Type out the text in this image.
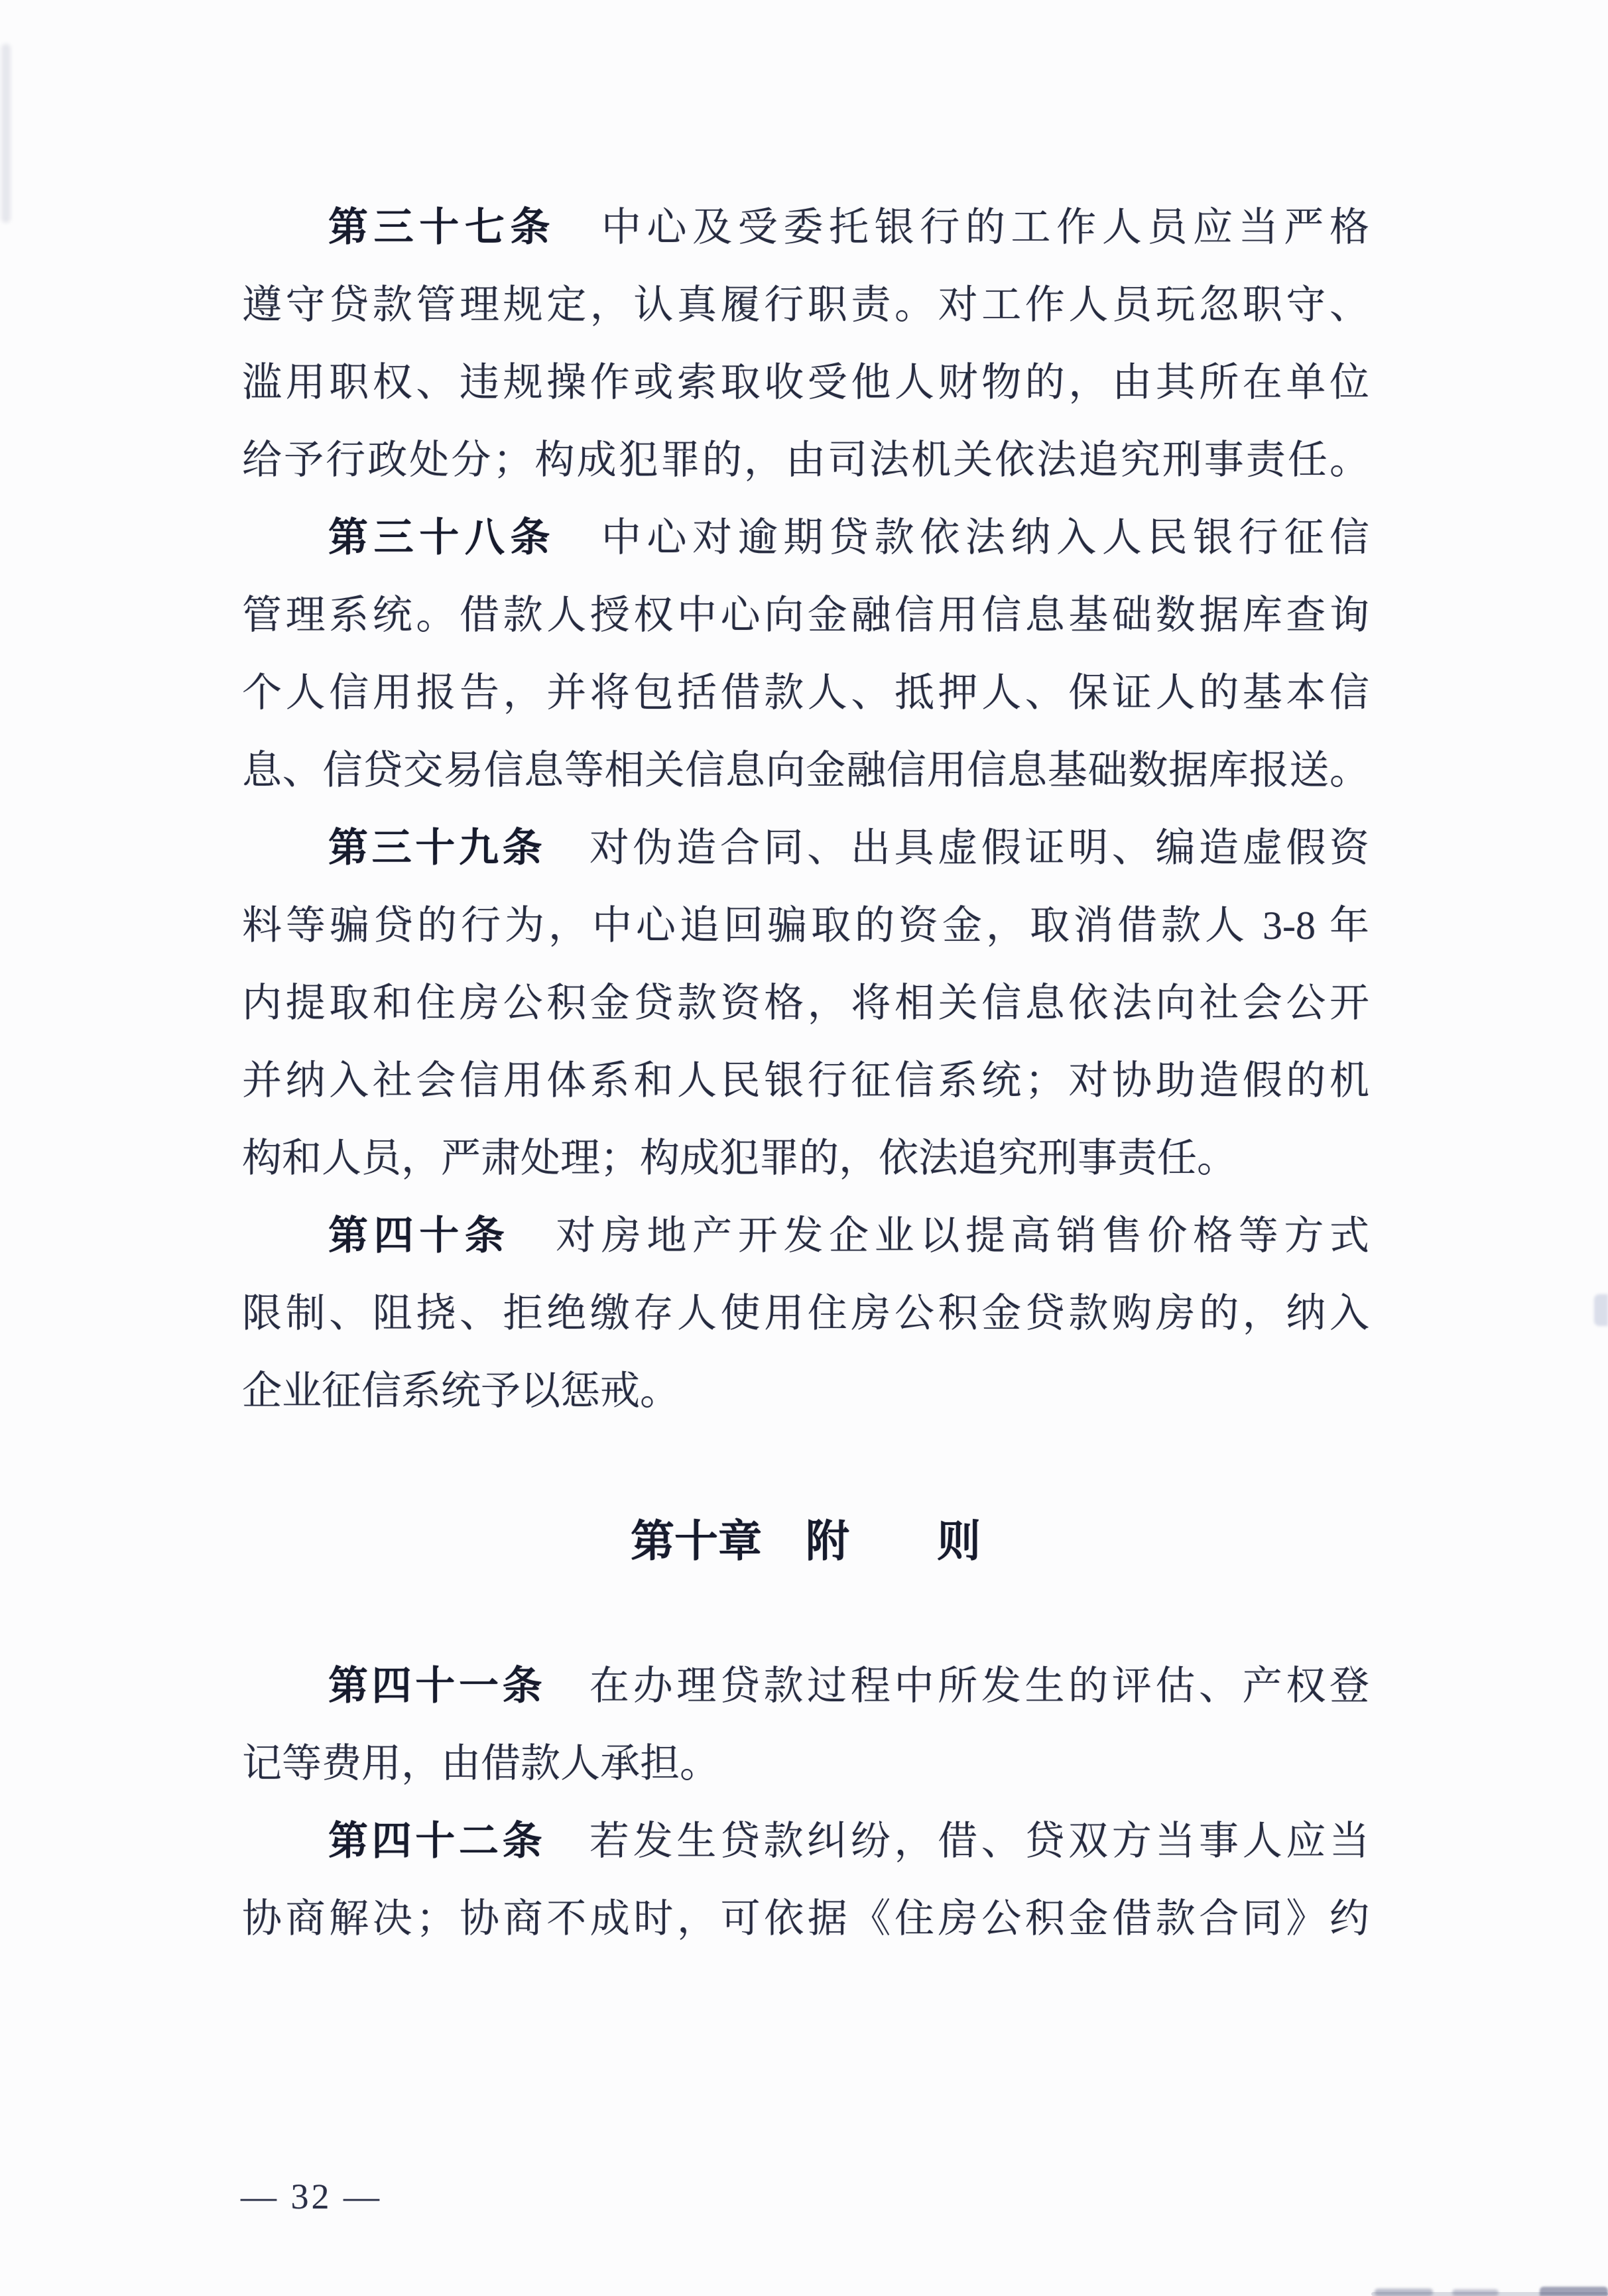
第三十七条　中心及受委托银行的工作人员应当严格
遵守贷款管理规定，认真履行职责。对工作人员玩忽职守、
滥用职权、违规操作或索取收受他人财物的，由其所在单位
给予行政处分；构成犯罪的，由司法机关依法追究刑事责任。
第三十八条　中心对逾期贷款依法纳入人民银行征信
管理系统。借款人授权中心向金融信用信息基础数据库查询
个人信用报告，并将包括借款人、抵押人、保证人的基本信
息、信贷交易信息等相关信息向金融信用信息基础数据库报送。
第三十九条　对伪造合同、出具虚假证明、编造虚假资
料等骗贷的行为，中心追回骗取的资金，取消借款人 3-8 年
内提取和住房公积金贷款资格，将相关信息依法向社会公开
并纳入社会信用体系和人民银行征信系统；对协助造假的机
构和人员，严肃处理；构成犯罪的，依法追究刑事责任。
第四十条　对房地产开发企业以提高销售价格等方式
限制、阻挠、拒绝缴存人使用住房公积金贷款购房的，纳入
企业征信系统予以惩戒。
第十章　附　　则
第四十一条　在办理贷款过程中所发生的评估、产权登
记等费用，由借款人承担。
第四十二条　若发生贷款纠纷，借、贷双方当事人应当
协商解决；协商不成时，可依据《住房公积金借款合同》约
— 32 —
